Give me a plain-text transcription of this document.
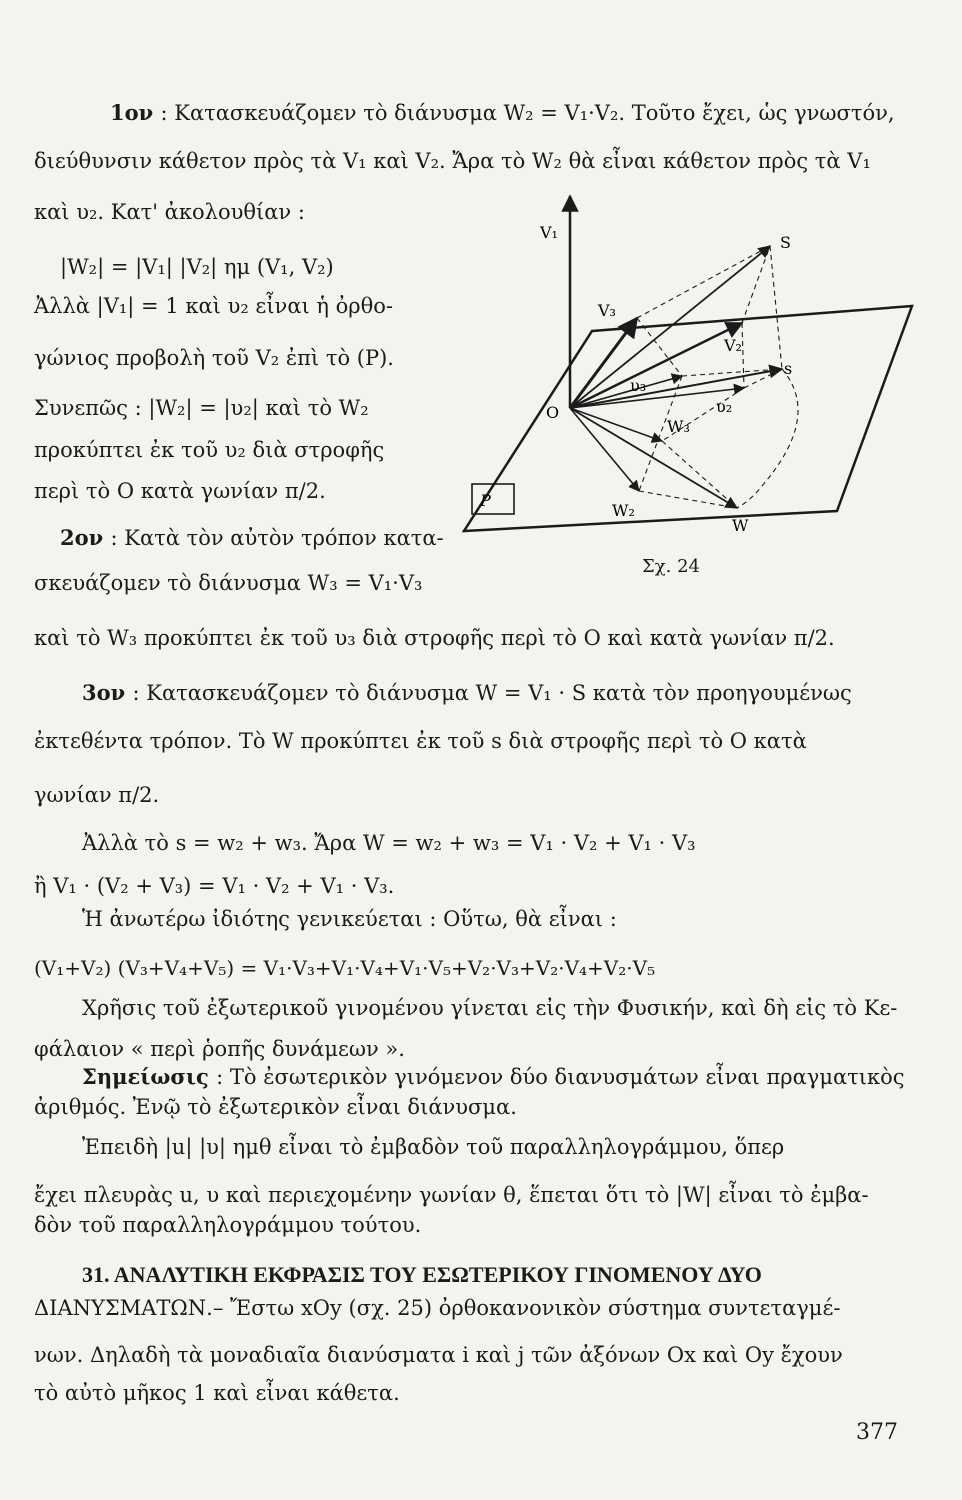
1ον : Κατασκευάζομεν τὸ διάνυσμα W₂ = V₁·V₂. Τοῦτο ἔχει, ὡς γνωστόν,
διεύθυνσιν κάθετον πρὸς τὰ V₁ καὶ V₂. Ἄρα τὸ W₂ θὰ εἶναι κάθετον πρὸς τὰ V₁
καὶ υ₂. Κατ' ἀκολουθίαν :
|W₂| = |V₁| |V₂| ημ (V₁, V₂)
Ἀλλὰ |V₁| = 1 καὶ υ₂ εἶναι ἡ ὀρθο-
γώνιος προβολὴ τοῦ V₂ ἐπὶ τὸ (P).
Συνεπῶς : |W₂| = |υ₂| καὶ τὸ W₂
προκύπτει ἐκ τοῦ υ₂ διὰ στροφῆς
περὶ τὸ Ο κατὰ γωνίαν π/2.
2ον : Κατὰ τὸν αὐτὸν τρόπον κατα-
σκευάζομεν τὸ διάνυσμα W₃ = V₁·V₃
καὶ τὸ W₃ προκύπτει ἐκ τοῦ υ₃ διὰ στροφῆς περὶ τὸ Ο καὶ κατὰ γωνίαν π/2.
3ον : Κατασκευάζομεν τὸ διάνυσμα W = V₁ · S κατὰ τὸν προηγουμένως
ἐκτεθέντα τρόπον. Τὸ W προκύπτει ἐκ τοῦ s διὰ στροφῆς περὶ τὸ Ο κατὰ
γωνίαν π/2.
Ἀλλὰ τὸ s = w₂ + w₃. Ἄρα W = w₂ + w₃ = V₁ · V₂ + V₁ · V₃
ἢ V₁ · (V₂ + V₃) = V₁ · V₂ + V₁ · V₃.
Ἡ ἀνωτέρω ἰδιότης γενικεύεται : Οὕτω, θὰ εἶναι :
(V₁+V₂) (V₃+V₄+V₅) = V₁·V₃+V₁·V₄+V₁·V₅+V₂·V₃+V₂·V₄+V₂·V₅
Χρῆσις τοῦ ἐξωτερικοῦ γινομένου γίνεται εἰς τὴν Φυσικήν, καὶ δὴ εἰς τὸ Κε-
φάλαιον « περὶ ῥοπῆς δυνάμεων ».
Σημείωσις : Τὸ ἐσωτερικὸν γινόμενον δύο διανυσμάτων εἶναι πραγματικὸς
ἀριθμός. Ἐνῷ τὸ ἐξωτερικὸν εἶναι διάνυσμα.
Ἐπειδὴ |u| |υ| ημθ εἶναι τὸ ἐμβαδὸν τοῦ παραλληλογράμμου, ὅπερ
ἔχει πλευρὰς u, υ καὶ περιεχομένην γωνίαν θ, ἕπεται ὅτι τὸ |W| εἶναι τὸ ἐμβα-
δὸν τοῦ παραλληλογράμμου τούτου.
31. ΑΝΑΛΥΤΙΚΗ ΕΚΦΡΑΣΙΣ ΤΟΥ ΕΣΩΤΕΡΙΚΟΥ ΓΙΝΟΜΕΝΟΥ ΔΥΟ
ΔΙΑΝΥΣΜΑΤΩΝ.– Ἔστω xOy (σχ. 25) ὀρθοκανονικὸν σύστημα συντεταγμέ-
νων. Δηλαδὴ τὰ μοναδιαῖα διανύσματα i καὶ j τῶν ἀξόνων Ox καὶ Oy ἔχουν
τὸ αὐτὸ μῆκος 1 καὶ εἶναι κάθετα.
377
V₁
S
V₃
V₂
s
υ₃
υ₂
W₃
O
P
W₂
W
Σχ. 24
